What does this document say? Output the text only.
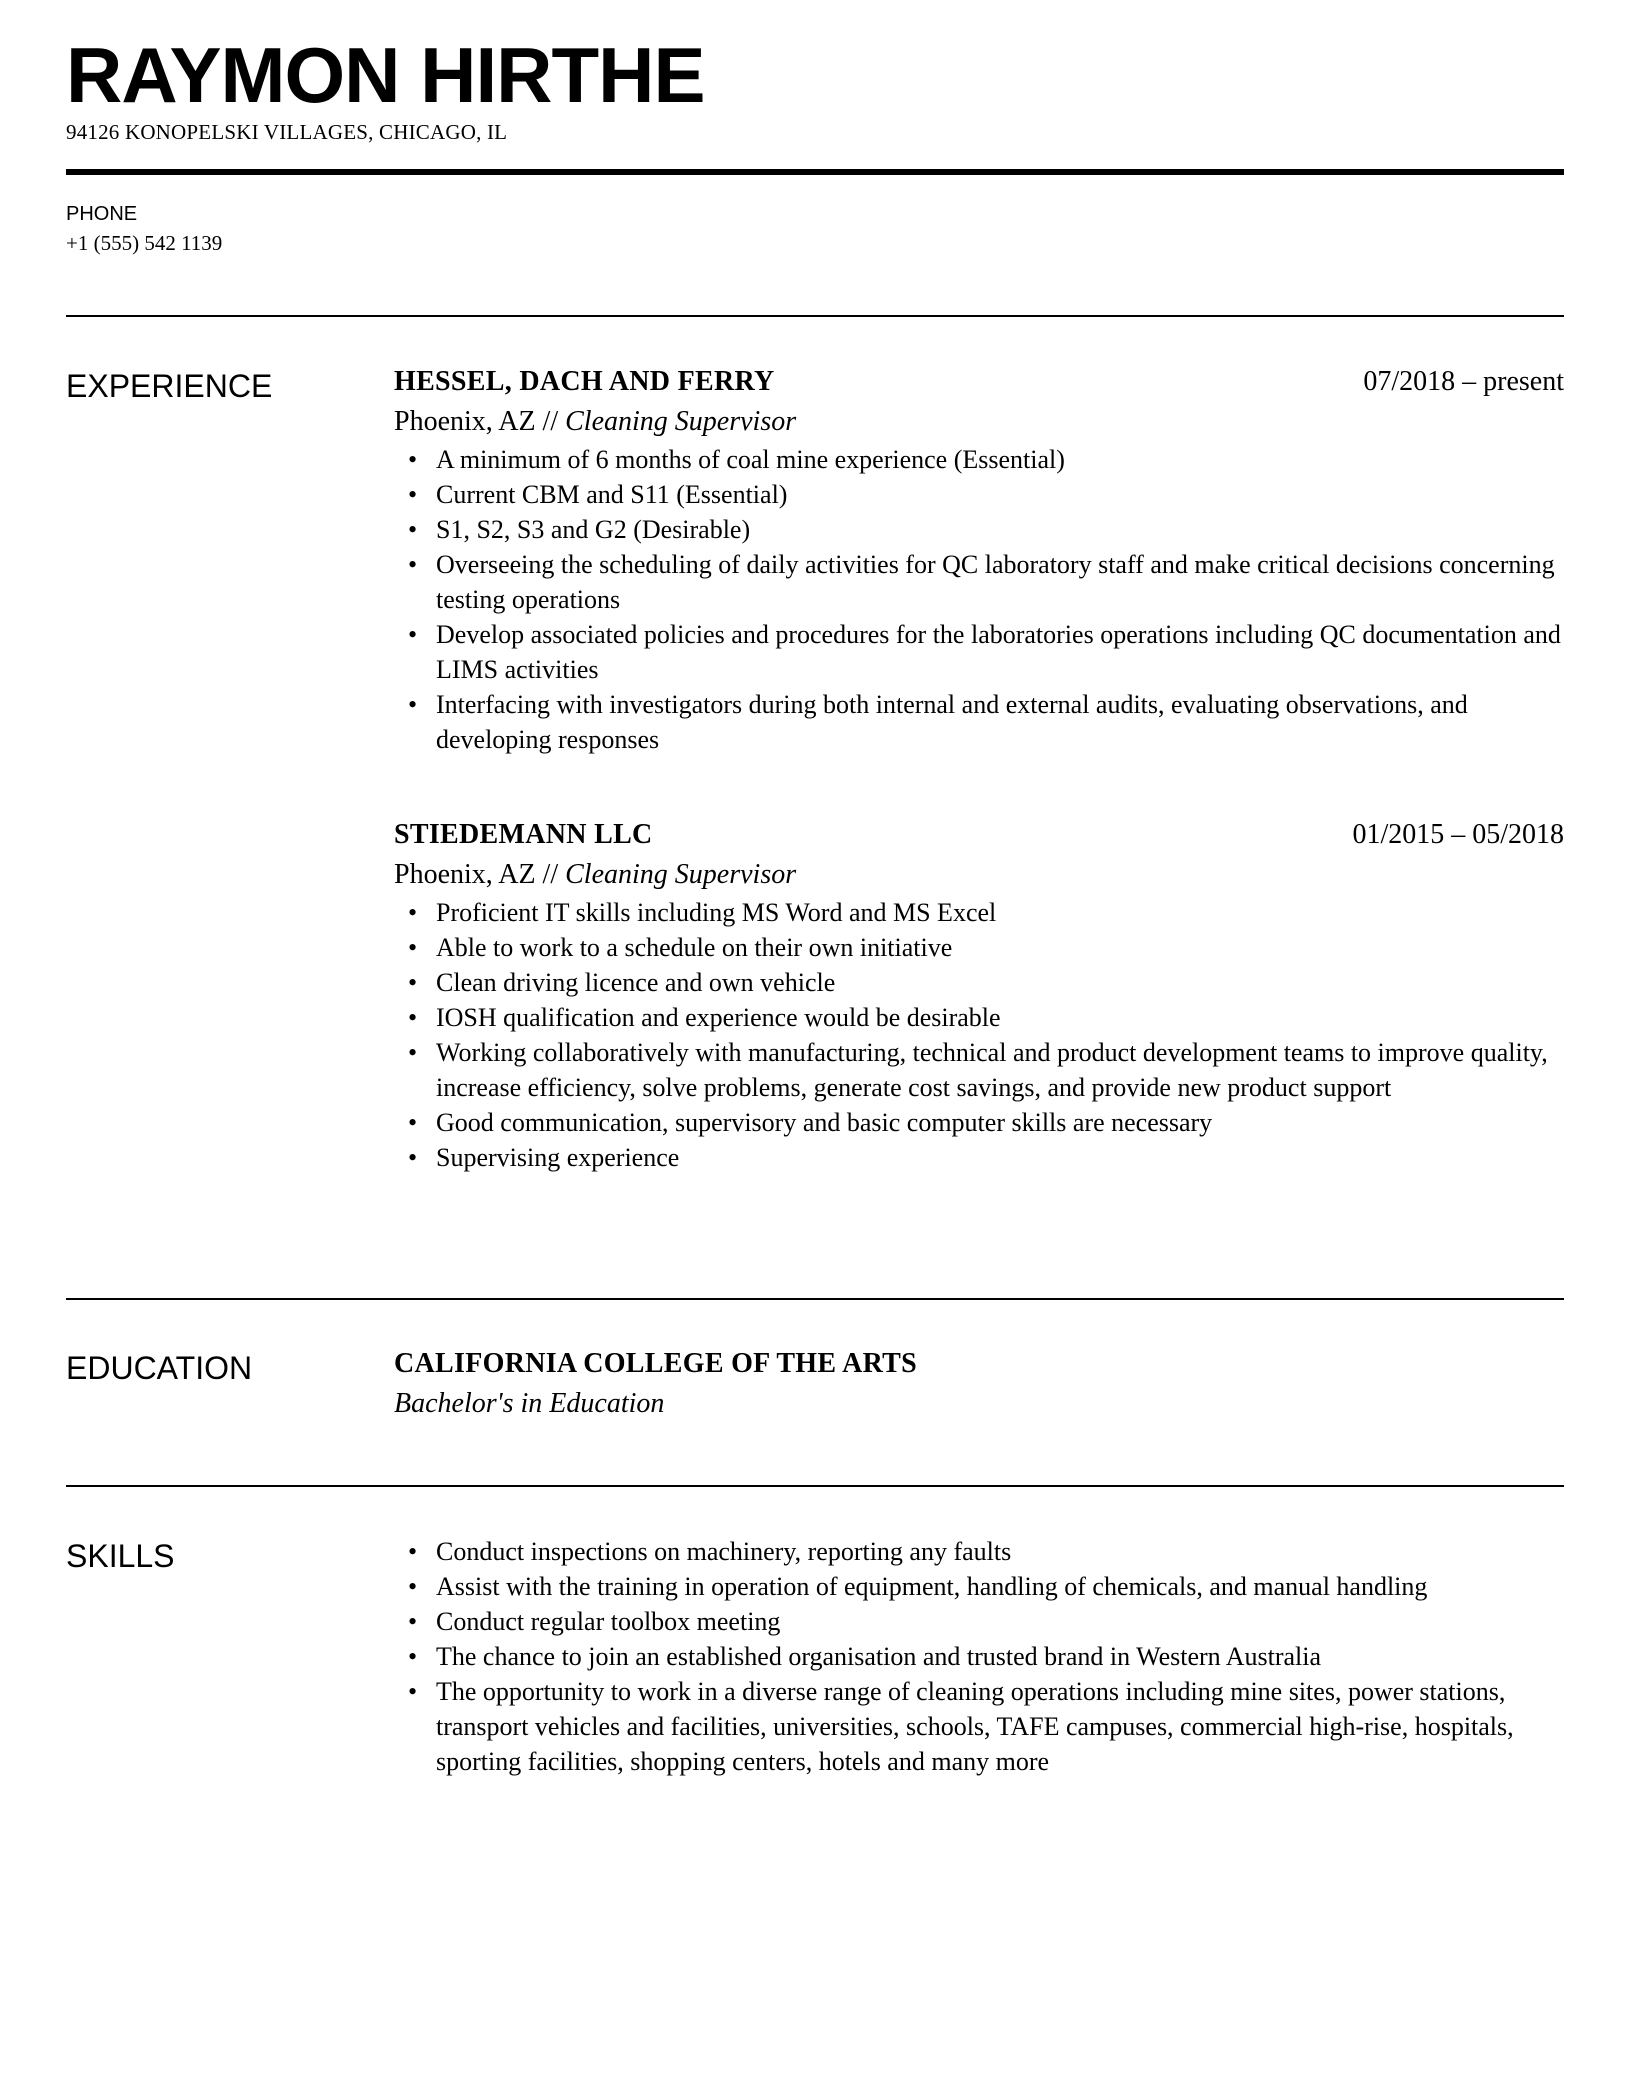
RAYMON HIRTHE
94126 KONOPELSKI VILLAGES, CHICAGO, IL
PHONE
+1 (555) 542 1139
EXPERIENCE	HESSEL, DACH AND FERRY	07/2018 – present
Phoenix, AZ // Cleaning Supervisor
• A minimum of 6 months of coal mine experience (Essential)
• Current CBM and S11 (Essential)
• S1, S2, S3 and G2 (Desirable)
• Overseeing the scheduling of daily activities for QC laboratory staff and make critical decisions concerning testing operations
• Develop associated policies and procedures for the laboratories operations including QC documentation and LIMS activities
• Interfacing with investigators during both internal and external audits, evaluating observations, and developing responses
STIEDEMANN LLC	01/2015 – 05/2018
Phoenix, AZ // Cleaning Supervisor
• Proficient IT skills including MS Word and MS Excel
• Able to work to a schedule on their own initiative
• Clean driving licence and own vehicle
• IOSH qualification and experience would be desirable
• Working collaboratively with manufacturing, technical and product development teams to improve quality, increase efficiency, solve problems, generate cost savings, and provide new product support
• Good communication, supervisory and basic computer skills are necessary
• Supervising experience
EDUCATION	CALIFORNIA COLLEGE OF THE ARTS
Bachelor's in Education
SKILLS
•	Conduct inspections on machinery, reporting any faults
• Assist with the training in operation of equipment, handling of chemicals, and manual handling
• Conduct regular toolbox meeting
• The chance to join an established organisation and trusted brand in Western Australia
• The opportunity to work in a diverse range of cleaning operations including mine sites, power stations, transport vehicles and facilities, universities, schools, TAFE campuses, commercial high-rise, hospitals, sporting facilities, shopping centers, hotels and many more
